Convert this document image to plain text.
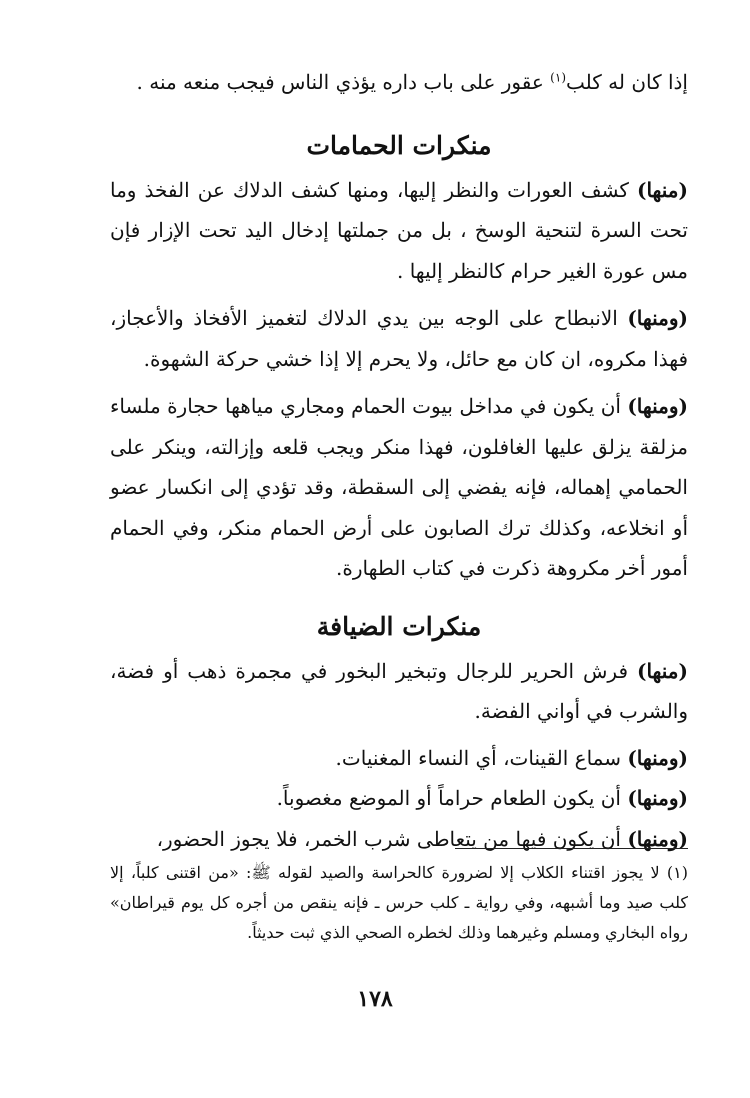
إذا كان له كلب$^{(١)}$ عقور على باب داره يؤذي الناس فيجب منعه منه .

منكرات الحمامات

(منها) كشف العورات والنظر إليها، ومنها كشف الدلاك عن الفخذ وما تحت السرة لتنحية الوسخ ، بل من جملتها إدخال اليد تحت الإزار فإن مس عورة الغير حرام كالنظر إليها .

(ومنها) الانبطاح على الوجه بين يدي الدلاك لتغميز الأفخاذ والأعجاز، فهذا مكروه، ان كان مع حائل، ولا يحرم إلا إذا خشي حركة الشهوة.

(ومنها) أن يكون في مداخل بيوت الحمام ومجاري مياهها حجارة ملساء مزلقة يزلق عليها الغافلون، فهذا منكر ويجب قلعه وإزالته، وينكر على الحمامي إهماله، فإنه يفضي إلى السقطة، وقد تؤدي إلى انكسار عضو أو انخلاعه، وكذلك ترك الصابون على أرض الحمام منكر، وفي الحمام أمور أخر مكروهة ذكرت في كتاب الطهارة.

منكرات الضيافة

(منها) فرش الحرير للرجال وتبخير البخور في مجمرة ذهب أو فضة، والشرب في أواني الفضة.

(ومنها) سماع القينات، أي النساء المغنيات.

(ومنها) أن يكون الطعام حراماً أو الموضع مغصوباً.

(ومنها) أن يكون فيها من يتعاطى شرب الخمر، فلا يجوز الحضور،

(١) لا يجوز اقتناء الكلاب إلا لضرورة كالحراسة والصيد لقوله ﷺ: «من اقتنى كلباً، إلا كلب صيد وما أشبهه، وفي رواية ـ كلب حرس ـ فإنه ينقص من أجره كل يوم قيراطان» رواه البخاري ومسلم وغيرهما وذلك لخطره الصحي الذي ثبت حديثاً.
١٧٨
